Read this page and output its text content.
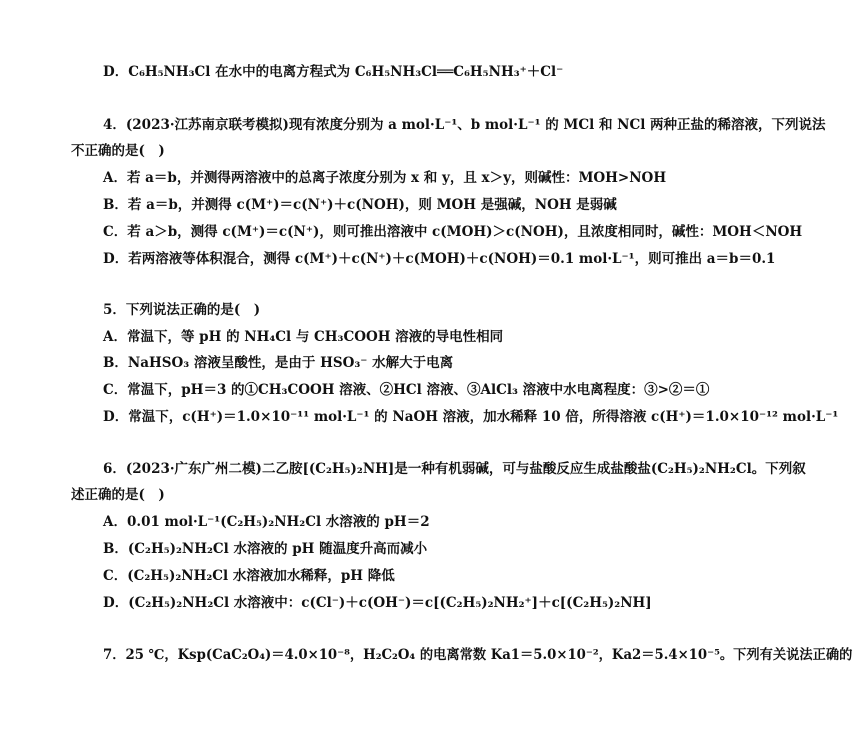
D．C₆H₅NH₃Cl 在水中的电离方程式为 C₆H₅NH₃Cl══C₆H₅NH₃⁺＋Cl⁻
4．(2023·江苏南京联考模拟)现有浓度分别为 a mol·L⁻¹、b mol·L⁻¹ 的 MCl 和 NCl 两种正盐的稀溶液，下列说法
不正确的是(　)
A．若 a＝b，并测得两溶液中的总离子浓度分别为 x 和 y，且 x＞y，则碱性：MOH>NOH
B．若 a＝b，并测得 c(M⁺)＝c(N⁺)＋c(NOH)，则 MOH 是强碱，NOH 是弱碱
C．若 a＞b，测得 c(M⁺)＝c(N⁺)，则可推出溶液中 c(MOH)＞c(NOH)，且浓度相同时，碱性：MOH＜NOH
D．若两溶液等体积混合，测得 c(M⁺)＋c(N⁺)＋c(MOH)＋c(NOH)＝0.1 mol·L⁻¹，则可推出 a＝b＝0.1
5．下列说法正确的是(　)
A．常温下，等 pH 的 NH₄Cl 与 CH₃COOH 溶液的导电性相同
B．NaHSO₃ 溶液呈酸性，是由于 HSO₃⁻ 水解大于电离
C．常温下，pH＝3 的①CH₃COOH 溶液、②HCl 溶液、③AlCl₃ 溶液中水电离程度：③>②＝①
D．常温下，c(H⁺)＝1.0×10⁻¹¹ mol·L⁻¹ 的 NaOH 溶液，加水稀释 10 倍，所得溶液 c(H⁺)＝1.0×10⁻¹² mol·L⁻¹
6．(2023·广东广州二模)二乙胺[(C₂H₅)₂NH]是一种有机弱碱，可与盐酸反应生成盐酸盐(C₂H₅)₂NH₂Cl。下列叙
述正确的是(　)
A．0.01 mol·L⁻¹(C₂H₅)₂NH₂Cl 水溶液的 pH＝2
B．(C₂H₅)₂NH₂Cl 水溶液的 pH 随温度升高而减小
C．(C₂H₅)₂NH₂Cl 水溶液加水稀释，pH 降低
D．(C₂H₅)₂NH₂Cl 水溶液中：c(Cl⁻)＋c(OH⁻)＝c[(C₂H₅)₂NH₂⁺]＋c[(C₂H₅)₂NH]
7．25 ℃，Ksp(CaC₂O₄)＝4.0×10⁻⁸，H₂C₂O₄ 的电离常数 Ka1＝5.0×10⁻²，Ka2＝5.4×10⁻⁵。下列有关说法正确的
